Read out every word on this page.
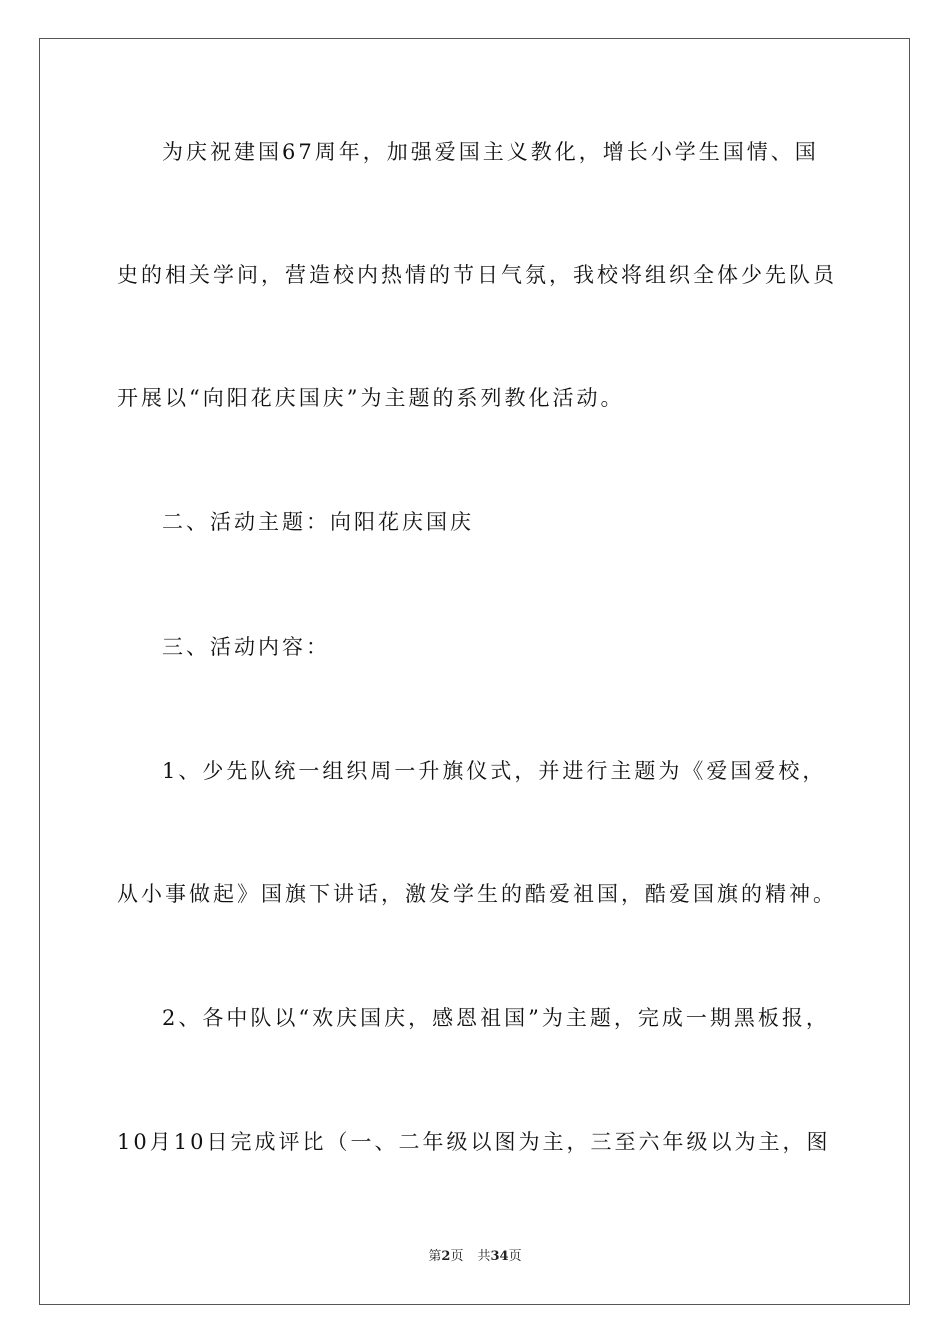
为庆祝建国67周年，加强爱国主义教化，增长小学生国情、国
史的相关学问，营造校内热情的节日气氛，我校将组织全体少先队员
开展以“向阳花庆国庆”为主题的系列教化活动。
二、活动主题：向阳花庆国庆
三、活动内容：
1、少先队统一组织周一升旗仪式，并进行主题为《爱国爱校，
从小事做起》国旗下讲话，激发学生的酷爱祖国，酷爱国旗的精神。
2、各中队以“欢庆国庆，感恩祖国”为主题，完成一期黑板报，
10月10日完成评比（一、二年级以图为主，三至六年级以为主，图
第2页 共34页
